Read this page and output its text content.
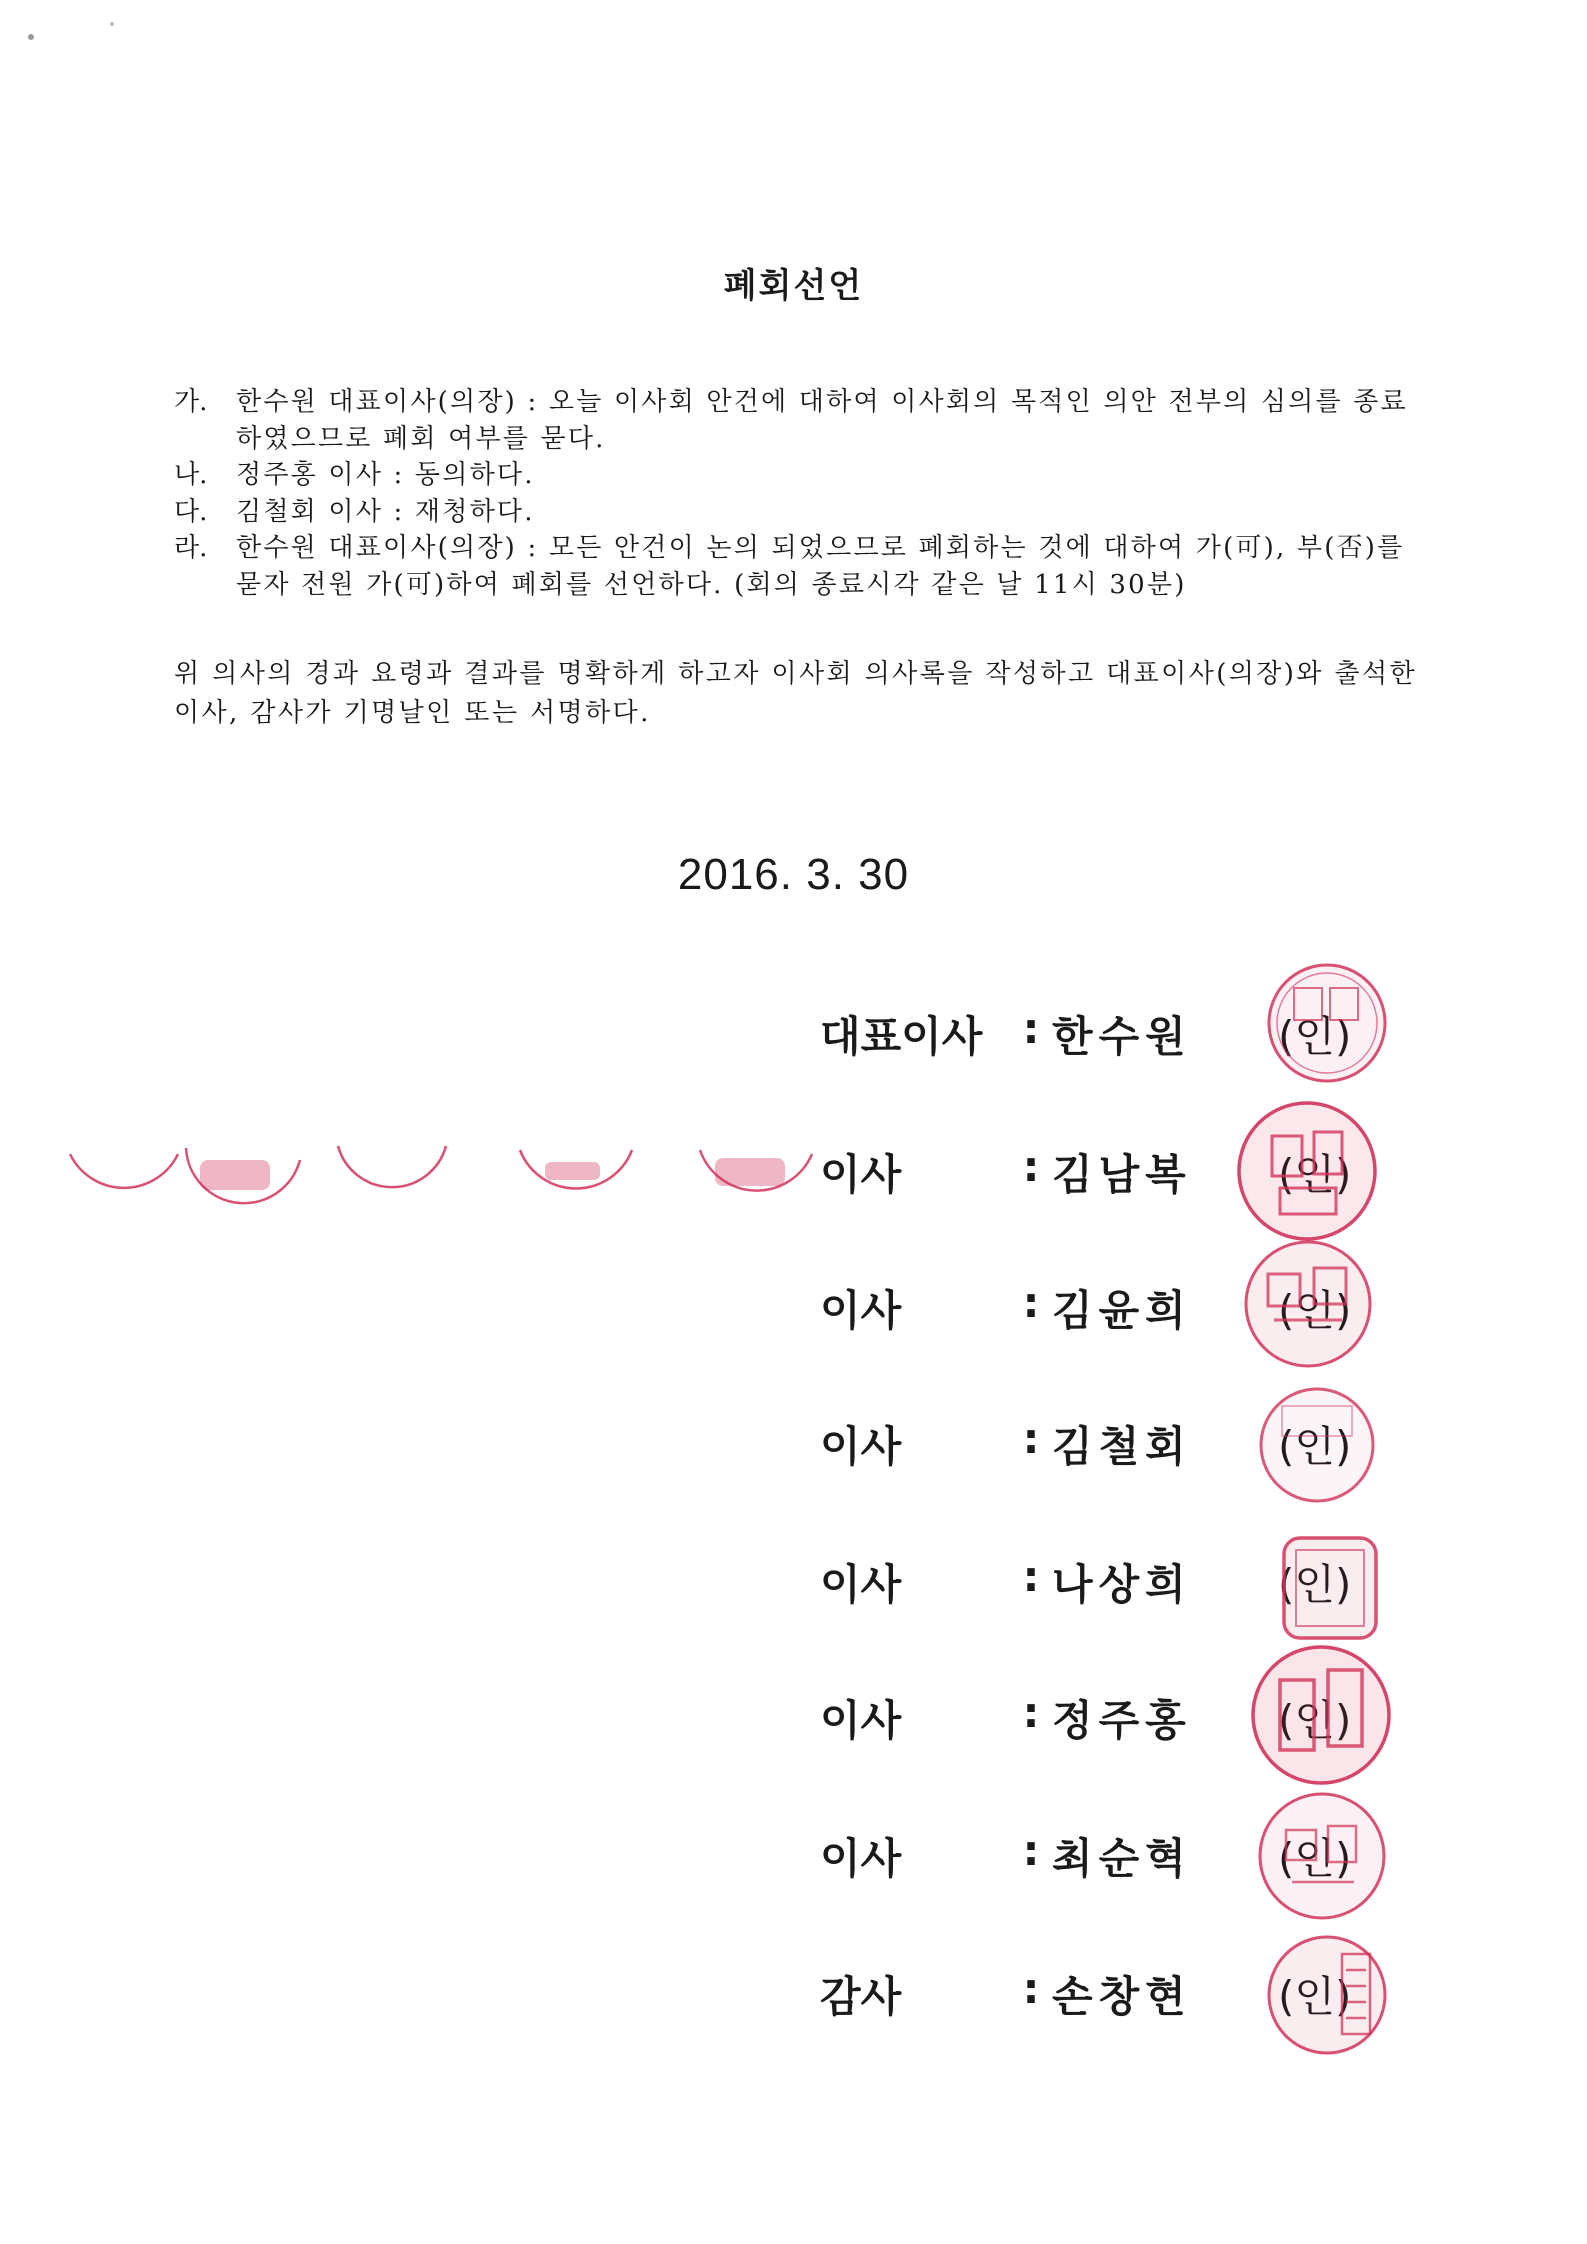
폐회선언
가.	한수원 대표이사(의장) : 오늘 이사회 안건에 대하여 이사회의 목적인 의안 전부의 심의를 종료하였으므로 폐회 여부를 묻다.
나.	정주홍 이사 : 동의하다.
다.	김철회 이사 : 재청하다.
라.	한수원 대표이사(의장) : 모든 안건이 논의 되었으므로 폐회하는 것에 대하여 가(可), 부(否)를 묻자 전원 가(可)하여 폐회를 선언하다. (회의 종료시각 같은 날 11시 30분)
위 의사의 경과 요령과 결과를 명확하게 하고자 이사회 의사록을 작성하고 대표이사(의장)와 출석한 이사, 감사가 기명날인 또는 서명하다.
2016. 3. 30
대표이사 : 한수원	(인)
이사	: 김남복	(인)
이사	: 김윤희	(인)
이사	: 김철회	(인)
이사	: 나상희	(인)
이사	: 정주홍	(인)
이사	: 최순혁	(인)
감사	: 손창현	(인)
